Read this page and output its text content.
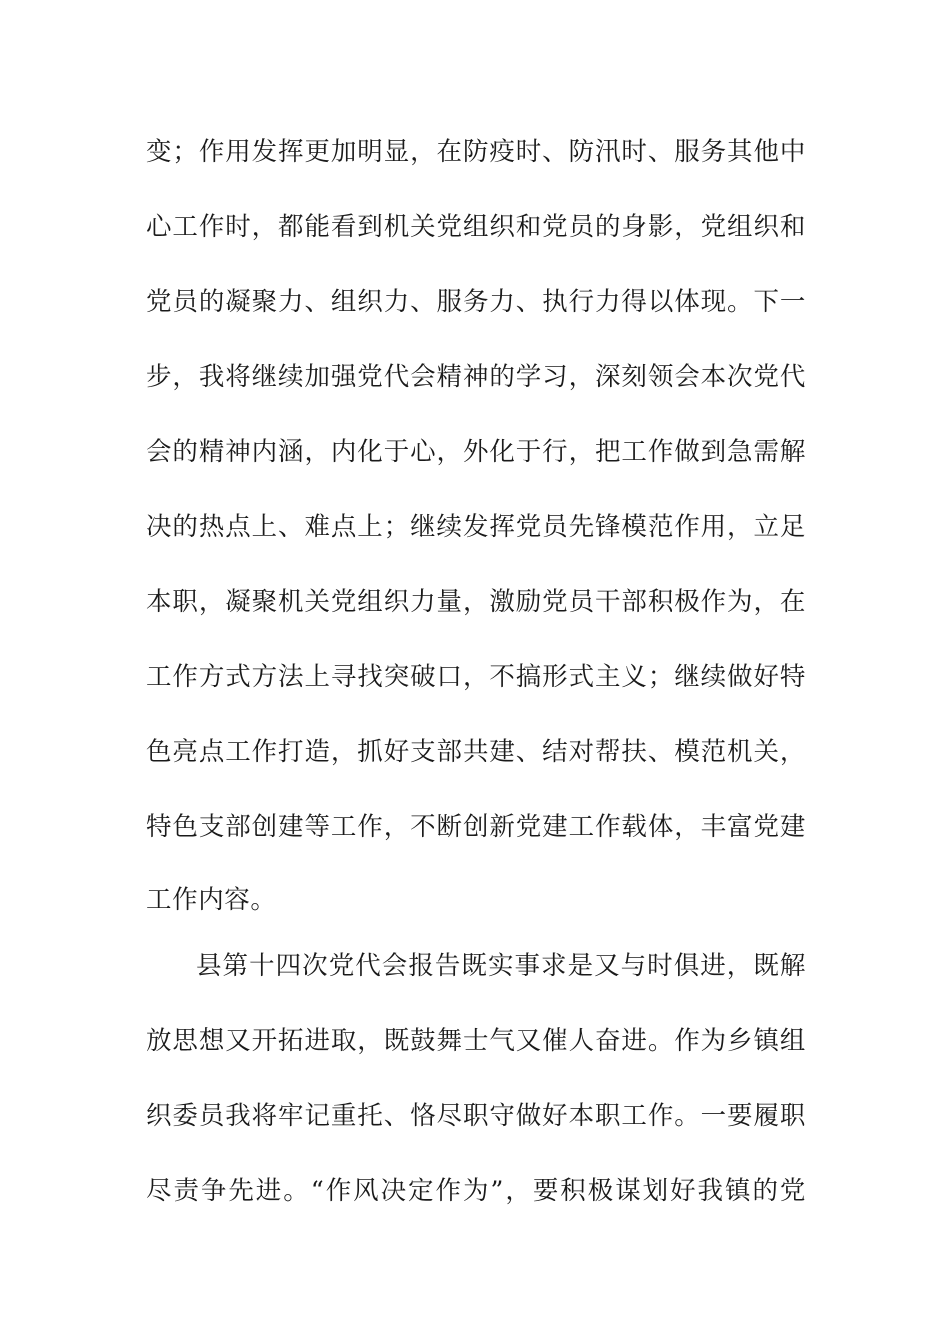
变；作用发挥更加明显，在防疫时、防汛时、服务其他中
心工作时，都能看到机关党组织和党员的身影，党组织和
党员的凝聚力、组织力、服务力、执行力得以体现。下一
步，我将继续加强党代会精神的学习，深刻领会本次党代
会的精神内涵，内化于心，外化于行，把工作做到急需解
决的热点上、难点上；继续发挥党员先锋模范作用，立足
本职，凝聚机关党组织力量，激励党员干部积极作为，在
工作方式方法上寻找突破口，不搞形式主义；继续做好特
色亮点工作打造，抓好支部共建、结对帮扶、模范机关，
特色支部创建等工作，不断创新党建工作载体，丰富党建
工作内容。
县第十四次党代会报告既实事求是又与时俱进，既解
放思想又开拓进取，既鼓舞士气又催人奋进。作为乡镇组
织委员我将牢记重托、恪尽职守做好本职工作。一要履职
尽责争先进。“作风决定作为”，要积极谋划好我镇的党
